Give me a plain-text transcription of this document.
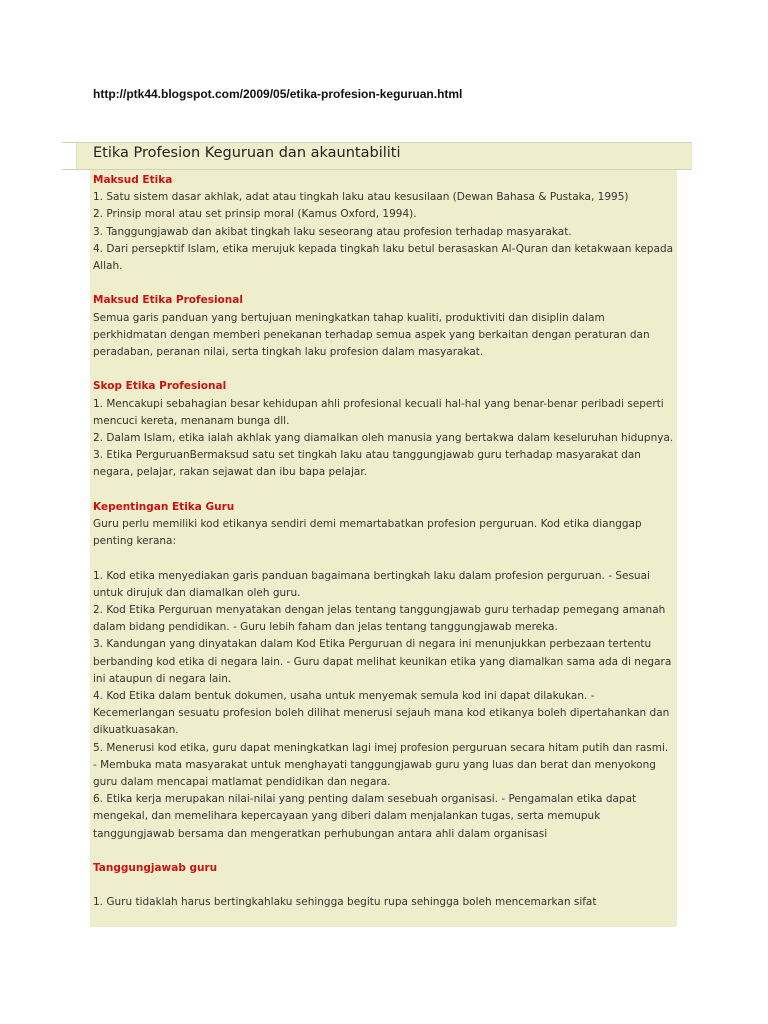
http://ptk44.blogspot.com/2009/05/etika-profesion-keguruan.html
Etika Profesion Keguruan dan akauntabiliti

Maksud Etika

1. Satu sistem dasar akhlak, adat atau tingkah laku atau kesusilaan (Dewan Bahasa & Pustaka, 1995)

2. Prinsip moral atau set prinsip moral (Kamus Oxford, 1994).

3. Tanggungjawab dan akibat tingkah laku seseorang atau profesion terhadap masyarakat.

4. Dari persepktif Islam, etika merujuk kepada tingkah laku betul berasaskan Al-Quran dan ketakwaan kepada Allah.

Maksud Etika Profesional

Semua garis panduan yang bertujuan meningkatkan tahap kualiti, produktiviti dan disiplin dalam perkhidmatan dengan memberi penekanan terhadap semua aspek yang berkaitan dengan peraturan dan peradaban, peranan nilai, serta tingkah laku profesion dalam masyarakat.

Skop Etika Profesional

1. Mencakupi sebahagian besar kehidupan ahli profesional kecuali hal-hal yang benar-benar peribadi seperti mencuci kereta, menanam bunga dll.

2. Dalam Islam, etika ialah akhlak yang diamalkan oleh manusia yang bertakwa dalam keseluruhan hidupnya.

3. Etika PerguruanBermaksud satu set tingkah laku atau tanggungjawab guru terhadap masyarakat dan negara, pelajar, rakan sejawat dan ibu bapa pelajar.

Kepentingan Etika Guru

Guru perlu memiliki kod etikanya sendiri demi memartabatkan profesion perguruan. Kod etika dianggap penting kerana:

1. Kod etika menyediakan garis panduan bagaimana bertingkah laku dalam profesion perguruan. - Sesuai untuk dirujuk dan diamalkan oleh guru.

2. Kod Etika Perguruan menyatakan dengan jelas tentang tanggungjawab guru terhadap pemegang amanah dalam bidang pendidikan. - Guru lebih faham dan jelas tentang tanggungjawab mereka.

3. Kandungan yang dinyatakan dalam Kod Etika Perguruan di negara ini menunjukkan perbezaan tertentu berbanding kod etika di negara lain. - Guru dapat melihat keunikan etika yang diamalkan sama ada di negara ini ataupun di negara lain.

4. Kod Etika dalam bentuk dokumen, usaha untuk menyemak semula kod ini dapat dilakukan. - Kecemerlangan sesuatu profesion boleh dilihat menerusi sejauh mana kod etikanya boleh dipertahankan dan dikuatkuasakan.

5. Menerusi kod etika, guru dapat meningkatkan lagi imej profesion perguruan secara hitam putih dan rasmi. - Membuka mata masyarakat untuk menghayati tanggungjawab guru yang luas dan berat dan menyokong guru dalam mencapai matlamat pendidikan dan negara.

6. Etika kerja merupakan nilai-nilai yang penting dalam sesebuah organisasi. - Pengamalan etika dapat mengekal, dan memelihara kepercayaan yang diberi dalam menjalankan tugas, serta memupuk tanggungjawab bersama dan mengeratkan perhubungan antara ahli dalam organisasi

Tanggungjawab guru

1. Guru tidaklah harus bertingkahlaku sehingga begitu rupa sehingga boleh mencemarkan sifat
